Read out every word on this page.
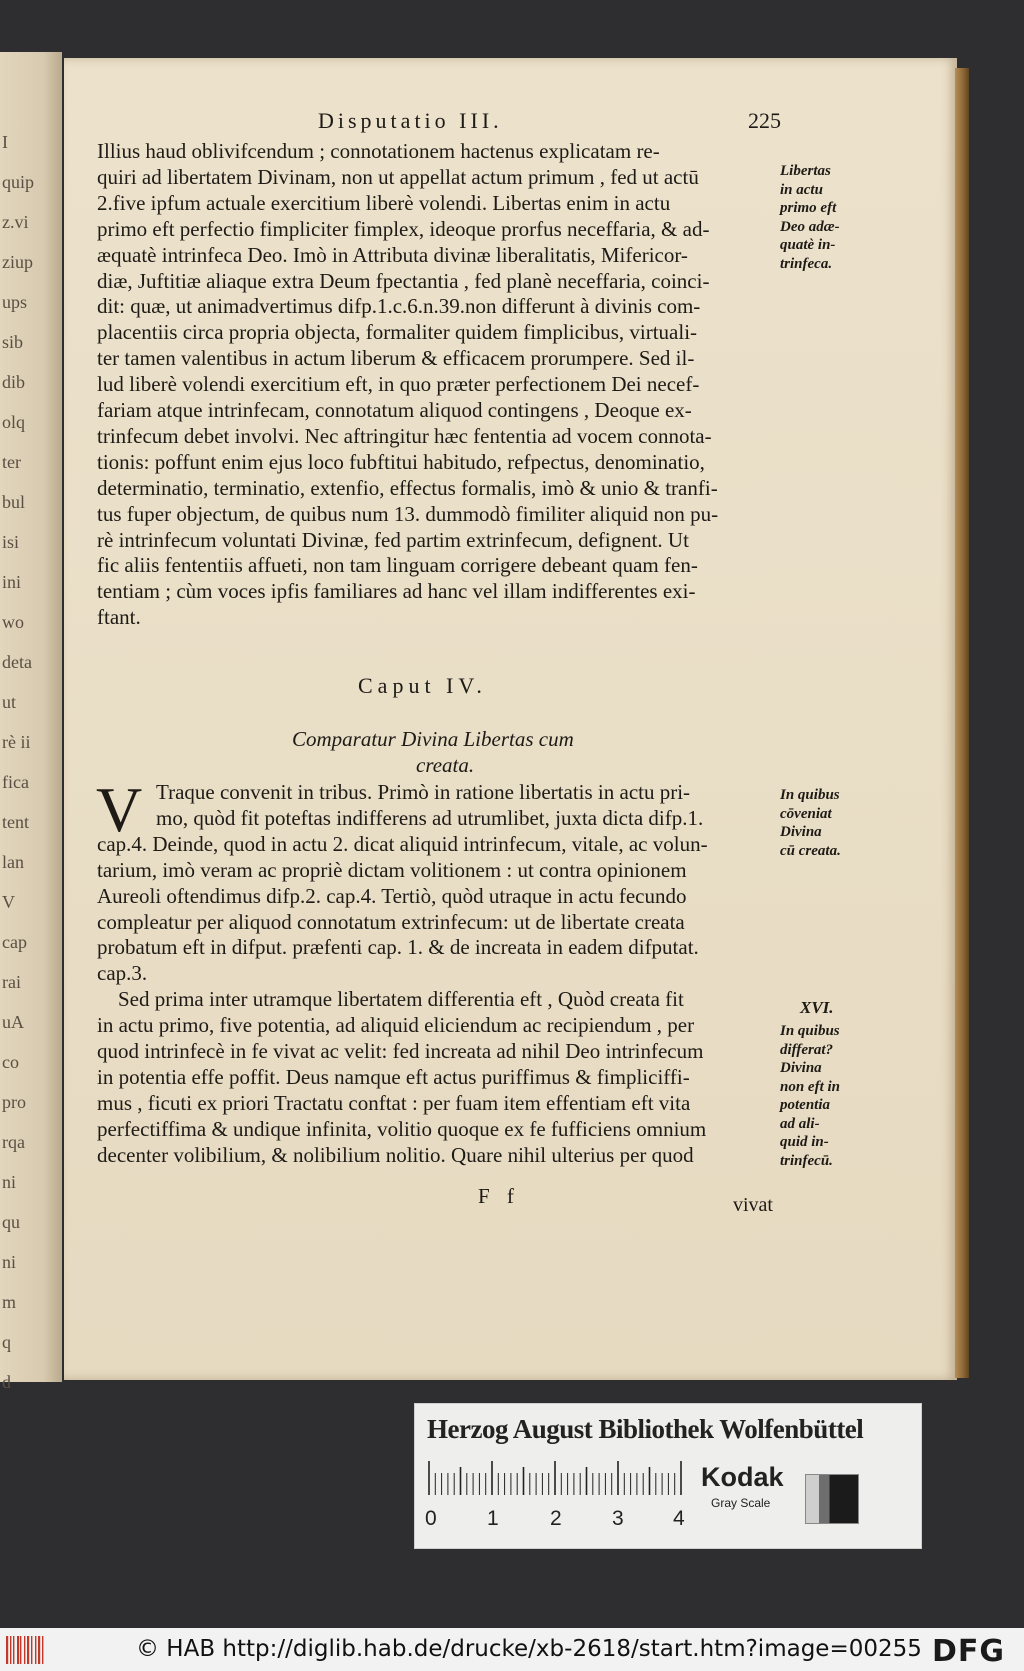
I
quip
z.vi
ziup
ups
sib
dib
olq
ter
bul
isi
ini
wo
deta
ut
rè ii
fica
tent
lan
V
cap
rai
uA
co
pro
rqa
ni
qu
ni
m
q
d
Disputatio III.	225
Illius haud oblivifcendum ; connotationem hactenus explicatam re-
quiri ad libertatem Divinam, non ut appellat actum primum , fed ut actū
2.five ipfum actuale exercitium liberè volendi. Libertas enim in actu
primo eft perfectio fimpliciter fimplex, ideoque prorfus neceffaria, & ad-
æquatè intrinfeca Deo. Imò in Attributa divinæ liberalitatis, Mifericor-
diæ, Juftitiæ aliaque extra Deum fpectantia , fed planè neceffaria, coinci-
dit: quæ, ut animadvertimus difp.1.c.6.n.39.non differunt à divinis com-
placentiis circa propria objecta, formaliter quidem fimplicibus, virtuali-
ter tamen valentibus in actum liberum & efficacem prorumpere. Sed il-
lud liberè volendi exercitium eft, in quo præter perfectionem Dei necef-
fariam atque intrinfecam, connotatum aliquod contingens , Deoque ex-
trinfecum debet involvi. Nec aftringitur hæc fententia ad vocem connota-
tionis: poffunt enim ejus loco fubftitui habitudo, refpectus, denominatio,
determinatio, terminatio, extenfio, effectus formalis, imò & unio & tranfi-
tus fuper objectum, de quibus num 13. dummodò fimiliter aliquid non pu-
rè intrinfecum voluntati Divinæ, fed partim extrinfecum, defignent. Ut
fic aliis fententiis affueti, non tam linguam corrigere debeant quam fen-
tentiam ; cùm voces ipfis familiares ad hanc vel illam indifferentes exi-
ftant.
Caput IV.
Comparatur Divina Libertas cum
creata.
V Traque convenit in tribus. Primò in ratione libertatis in actu pri-
mo, quòd fit poteftas indifferens ad utrumlibet, juxta dicta difp.1.
cap.4. Deinde, quod in actu 2. dicat aliquid intrinfecum, vitale, ac volun-
tarium, imò veram ac propriè dictam volitionem : ut contra opinionem
Aureoli oftendimus difp.2. cap.4. Tertiò, quòd utraque in actu fecundo
compleatur per aliquod connotatum extrinfecum: ut de libertate creata
probatum eft in difput. præfenti cap. 1. & de increata in eadem difputat.
cap.3.
Sed prima inter utramque libertatem differentia eft , Quòd creata fit
in actu primo, five potentia, ad aliquid eliciendum ac recipiendum , per
quod intrinfecè in fe vivat ac velit: fed increata ad nihil Deo intrinfecum
in potentia effe poffit. Deus namque eft actus puriffimus & fimpliciffi-
mus , ficuti ex priori Tractatu conftat : per fuam item effentiam eft vita
perfectiffima & undique infinita, volitio quoque ex fe fufficiens omnium
decenter volibilium, & nolibilium nolitio. Quare nihil ulterius per quod
Libertas
in actu
primo eft
Deo adæ-
quatè in-
trinfeca.
In quibus
cōveniat
Divina
cū creata.
XVI.
In quibus
differat?
Divina
non eft in
potentia
ad ali-
quid in-
trinfecū.
F f	vivat
Herzog August Bibliothek Wolfenbüttel
0 1 2 3 4
Kodak
Gray Scale
© HAB http://diglib.hab.de/drucke/xb-2618/start.htm?image=00255 DFG
